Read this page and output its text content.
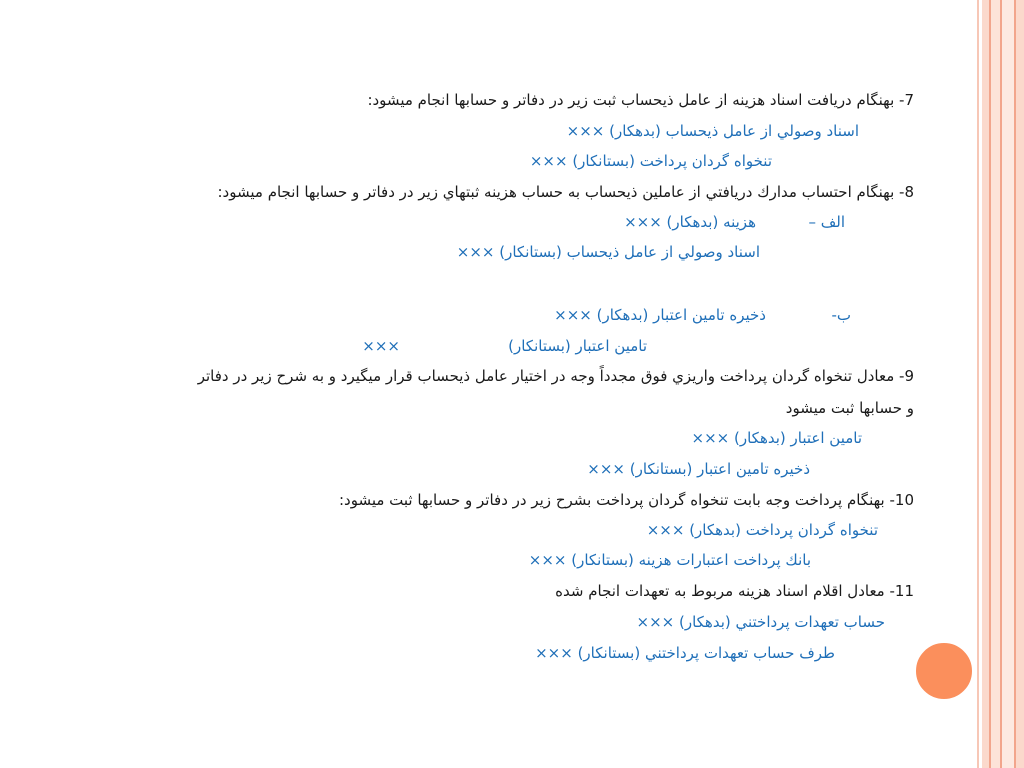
7- بهنگام دریافت اسناد هزینه از عامل ذیحساب ثبت زیر در دفاتر و حسابها انجام میشود:
اسناد وصولي از عامل ذيحساب (بدهكار) ×××
تنخواه گردان پرداخت (بستانكار) ×××
8- بهنگام احتساب مدارك دريافتي از عاملين ذيحساب به حساب هزينه ثبتهاي زير در دفاتر و حسابها انجام ميشود:
الف –
هزينه (بدهكار) ×××
اسناد وصولي از عامل ذيحساب (بستانكار) ×××
ب-
ذخيره تامين اعتبار (بدهكار) ×××
تامين اعتبار (بستانكار)
×××
9- معادل تنخواه گردان پرداخت واريزي فوق مجدداً وجه در اختيار عامل ذيحساب قرار ميگيرد و به شرح زير در دفاتر
و حسابها ثبت ميشود
تامين اعتبار (بدهكار) ×××
ذخيره تامين اعتبار (بستانكار) ×××
10- بهنگام پرداخت وجه بابت تنخواه گردان پرداخت بشرح زير در دفاتر و حسابها ثبت ميشود:
تنخواه گردان پرداخت (بدهكار) ×××
بانك پرداخت اعتبارات هزينه (بستانكار) ×××
11- معادل اقلام اسناد هزينه مربوط به تعهدات انجام شده
حساب تعهدات پرداختني (بدهكار) ×××
طرف حساب تعهدات پرداختني (بستانكار) ×××
